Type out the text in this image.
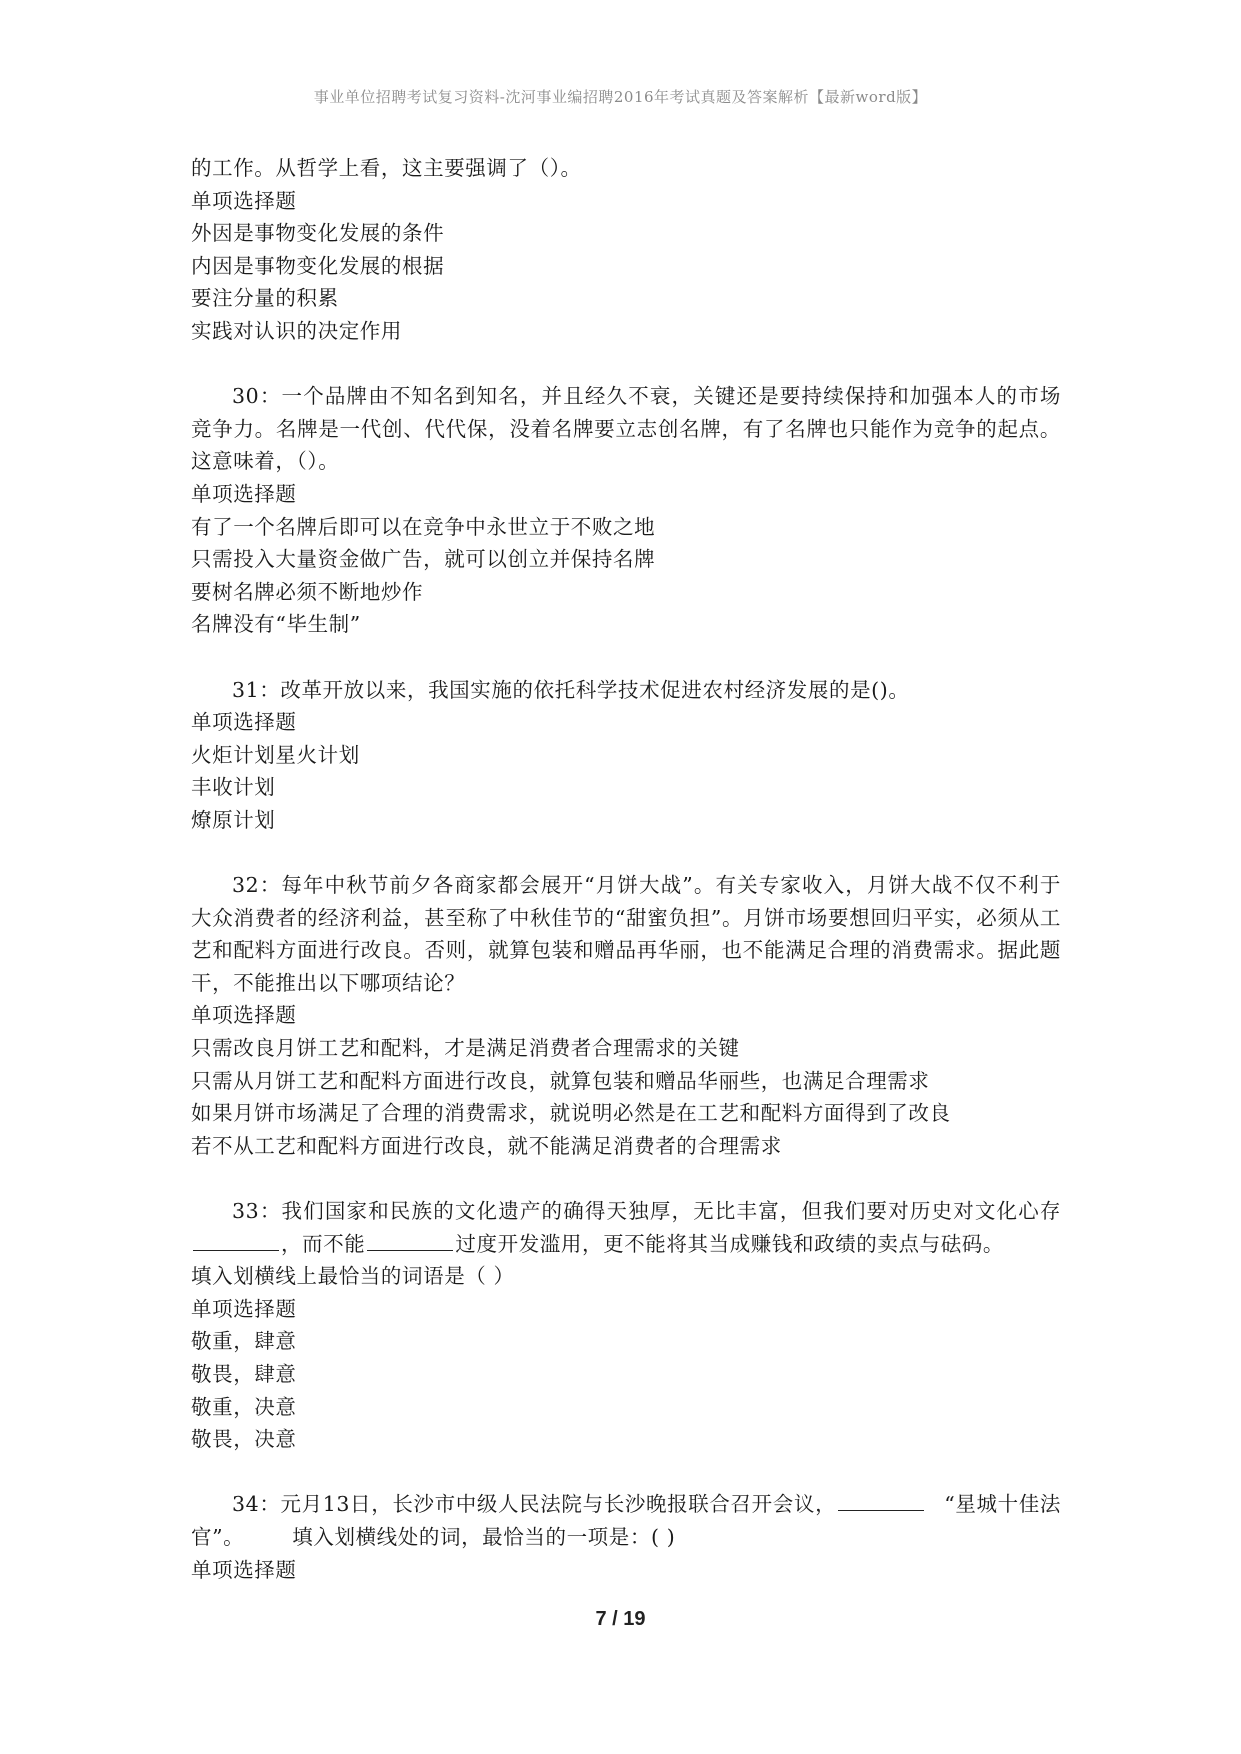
事业单位招聘考试复习资料-沈河事业编招聘2016年考试真题及答案解析【最新word版】
的工作。从哲学上看，这主要强调了（）。
单项选择题
外因是事物变化发展的条件
内因是事物变化发展的根据
要注分量的积累
实践对认识的决定作用
30：一个品牌由不知名到知名，并且经久不衰，关键还是要持续保持和加强本人的市场竞争力。名牌是一代创、代代保，没着名牌要立志创名牌，有了名牌也只能作为竞争的起点。这意味着，（）。
单项选择题
有了一个名牌后即可以在竞争中永世立于不败之地
只需投入大量资金做广告，就可以创立并保持名牌
要树名牌必须不断地炒作
名牌没有“毕生制”
31：改革开放以来，我国实施的依托科学技术促进农村经济发展的是()。
单项选择题
火炬计划星火计划
丰收计划
燎原计划
32：每年中秋节前夕各商家都会展开“月饼大战”。有关专家收入，月饼大战不仅不利于大众消费者的经济利益，甚至称了中秋佳节的“甜蜜负担”。月饼市场要想回归平实，必须从工艺和配料方面进行改良。否则，就算包装和赠品再华丽，也不能满足合理的消费需求。据此题干，不能推出以下哪项结论？
单项选择题
只需改良月饼工艺和配料，才是满足消费者合理需求的关键
只需从月饼工艺和配料方面进行改良，就算包装和赠品华丽些，也满足合理需求
如果月饼市场满足了合理的消费需求，就说明必然是在工艺和配料方面得到了改良
若不从工艺和配料方面进行改良，就不能满足消费者的合理需求
33：我们国家和民族的文化遗产的确得天独厚，无比丰富，但我们要对历史对文化心存，而不能	过度开发滥用，更不能将其当成赚钱和政绩的卖点与砝码。
填入划横线上最恰当的词语是（ ）
单项选择题
敬重，肆意
敬畏，肆意
敬重，决意
敬畏，决意
34：元月13日，长沙市中级人民法院与长沙晚报联合召开会议，	“星城十佳法官”。 填入划横线处的词，最恰当的一项是：( )
单项选择题
7 / 19
